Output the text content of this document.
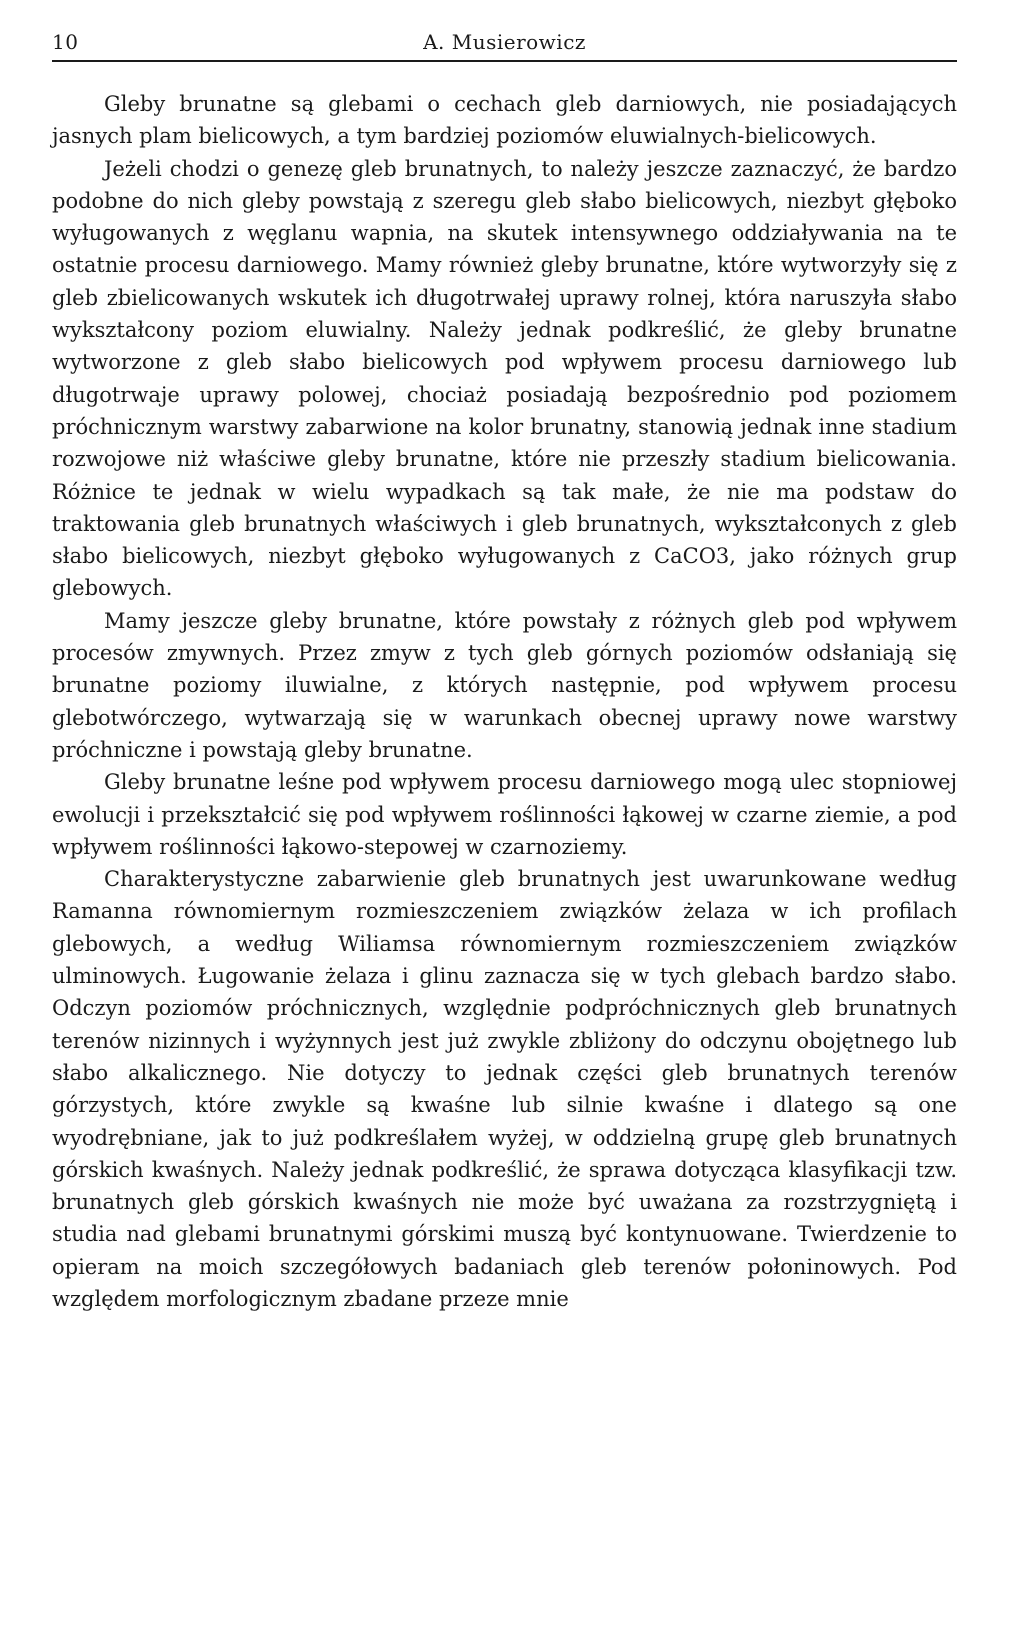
10	A. Musierowicz

Gleby brunatne są glebami o cechach gleb darniowych, nie posiadających jasnych plam bielicowych, a tym bardziej poziomów eluwialnych-bielicowych.

Jeżeli chodzi o genezę gleb brunatnych, to należy jeszcze zaznaczyć, że bardzo podobne do nich gleby powstają z szeregu gleb słabo bielicowych, niezbyt głęboko wyługowanych z węglanu wapnia, na skutek intensywnego oddziaływania na te ostatnie procesu darniowego. Mamy również gleby brunatne, które wytworzyły się z gleb zbielicowanych wskutek ich długotrwałej uprawy rolnej, która naruszyła słabo wykształcony poziom eluwialny. Należy jednak podkreślić, że gleby brunatne wytworzone z gleb słabo bielicowych pod wpływem procesu darniowego lub długotrwaje uprawy polowej, chociaż posiadają bezpośrednio pod poziomem próchnicznym warstwy zabarwione na kolor brunatny, stanowią jednak inne stadium rozwojowe niż właściwe gleby brunatne, które nie przeszły stadium bielicowania. Różnice te jednak w wielu wypadkach są tak małe, że nie ma podstaw do traktowania gleb brunatnych właściwych i gleb brunatnych, wykształconych z gleb słabo bielicowych, niezbyt głęboko wyługowanych z CaCO3, jako różnych grup glebowych.

Mamy jeszcze gleby brunatne, które powstały z różnych gleb pod wpływem procesów zmywnych. Przez zmyw z tych gleb górnych poziomów odsłaniają się brunatne poziomy iluwialne, z których następnie, pod wpływem procesu glebotwórczego, wytwarzają się w warunkach obecnej uprawy nowe warstwy próchniczne i powstają gleby brunatne.

Gleby brunatne leśne pod wpływem procesu darniowego mogą ulec stopniowej ewolucji i przekształcić się pod wpływem roślinności łąkowej w czarne ziemie, a pod wpływem roślinności łąkowo-stepowej w czarnoziemy.

Charakterystyczne zabarwienie gleb brunatnych jest uwarunkowane według Ramanna równomiernym rozmieszczeniem związków żelaza w ich profilach glebowych, a według Wiliamsa równomiernym rozmieszczeniem związków ulminowych. Ługowanie żelaza i glinu zaznacza się w tych glebach bardzo słabo. Odczyn poziomów próchnicznych, względnie podpróchnicznych gleb brunatnych terenów nizinnych i wyżynnych jest już zwykle zbliżony do odczynu obojętnego lub słabo alkalicznego. Nie dotyczy to jednak części gleb brunatnych terenów górzystych, które zwykle są kwaśne lub silnie kwaśne i dlatego są one wyodrębniane, jak to już podkreślałem wyżej, w oddzielną grupę gleb brunatnych górskich kwaśnych. Należy jednak podkreślić, że sprawa dotycząca klasyfikacji tzw. brunatnych gleb górskich kwaśnych nie może być uważana za rozstrzygniętą i studia nad glebami brunatnymi górskimi muszą być kontynuowane. Twierdzenie to opieram na moich szczegółowych badaniach gleb terenów połoninowych. Pod względem morfologicznym zbadane przeze mnie
